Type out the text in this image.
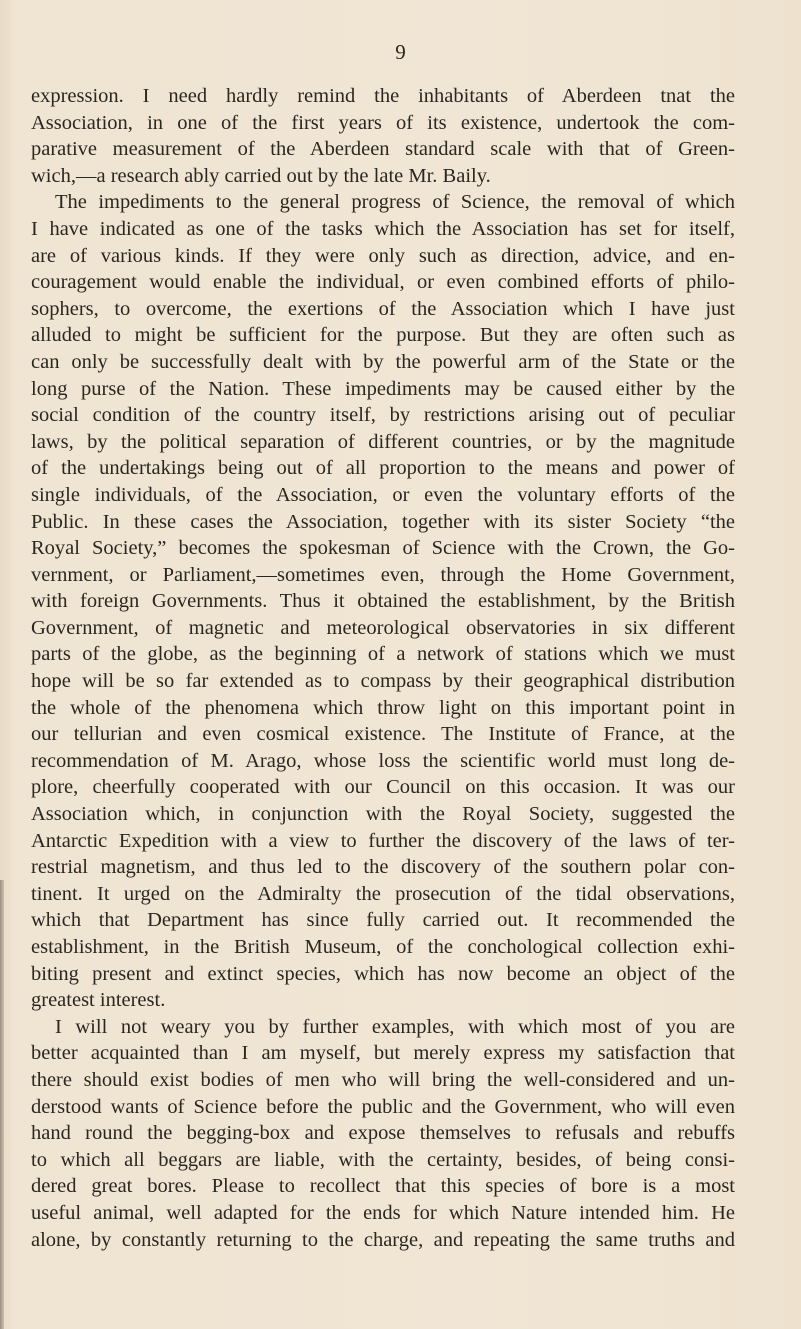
9
expression. I need hardly remind the inhabitants of Aberdeen tnat the
Association, in one of the first years of its existence, undertook the com-
parative measurement of the Aberdeen standard scale with that of Green-
wich,—a research ably carried out by the late Mr. Baily.
The impediments to the general progress of Science, the removal of which
I have indicated as one of the tasks which the Association has set for itself,
are of various kinds. If they were only such as direction, advice, and en-
couragement would enable the individual, or even combined efforts of philo-
sophers, to overcome, the exertions of the Association which I have just
alluded to might be sufficient for the purpose. But they are often such as
can only be successfully dealt with by the powerful arm of the State or the
long purse of the Nation. These impediments may be caused either by the
social condition of the country itself, by restrictions arising out of peculiar
laws, by the political separation of different countries, or by the magnitude
of the undertakings being out of all proportion to the means and power of
single individuals, of the Association, or even the voluntary efforts of the
Public. In these cases the Association, together with its sister Society “the
Royal Society,” becomes the spokesman of Science with the Crown, the Go-
vernment, or Parliament,—sometimes even, through the Home Government,
with foreign Governments. Thus it obtained the establishment, by the British
Government, of magnetic and meteorological observatories in six different
parts of the globe, as the beginning of a network of stations which we must
hope will be so far extended as to compass by their geographical distribution
the whole of the phenomena which throw light on this important point in
our tellurian and even cosmical existence. The Institute of France, at the
recommendation of M. Arago, whose loss the scientific world must long de-
plore, cheerfully cooperated with our Council on this occasion. It was our
Association which, in conjunction with the Royal Society, suggested the
Antarctic Expedition with a view to further the discovery of the laws of ter-
restrial magnetism, and thus led to the discovery of the southern polar con-
tinent. It urged on the Admiralty the prosecution of the tidal observations,
which that Department has since fully carried out. It recommended the
establishment, in the British Museum, of the conchological collection exhi-
biting present and extinct species, which has now become an object of the
greatest interest.
I will not weary you by further examples, with which most of you are
better acquainted than I am myself, but merely express my satisfaction that
there should exist bodies of men who will bring the well-considered and un-
derstood wants of Science before the public and the Government, who will even
hand round the begging-box and expose themselves to refusals and rebuffs
to which all beggars are liable, with the certainty, besides, of being consi-
dered great bores. Please to recollect that this species of bore is a most
useful animal, well adapted for the ends for which Nature intended him. He
alone, by constantly returning to the charge, and repeating the same truths and
